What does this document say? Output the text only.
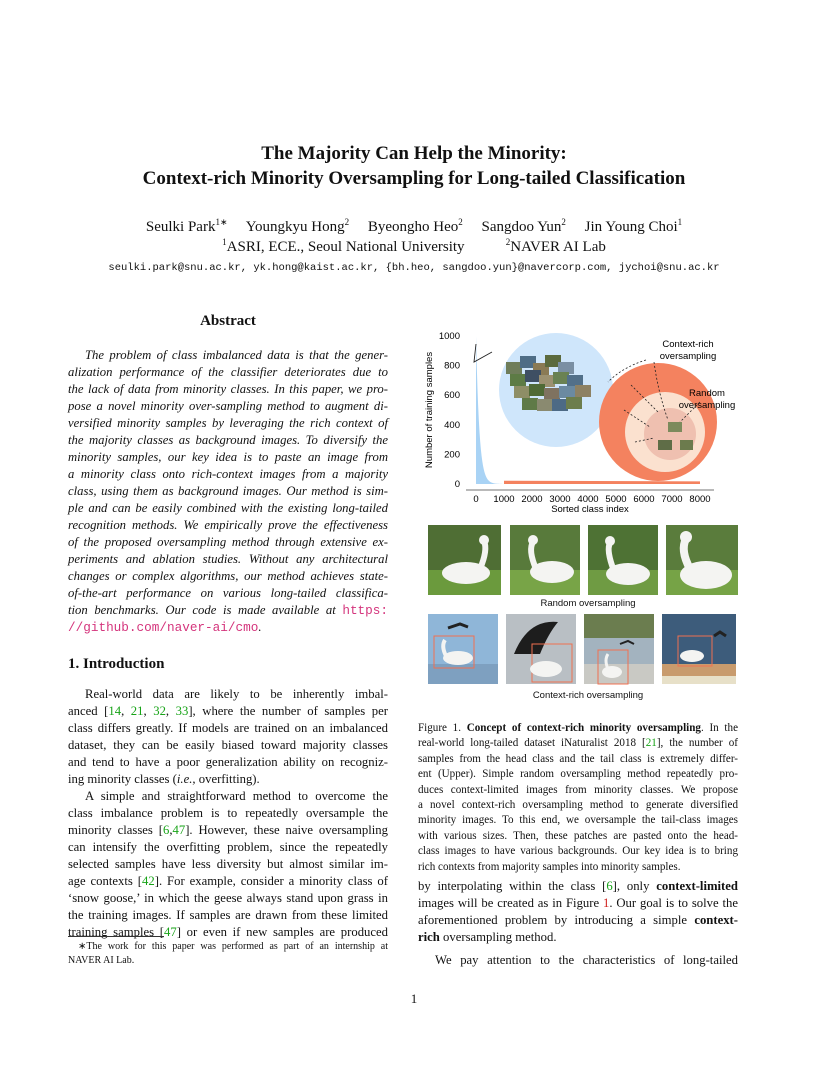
The Majority Can Help the Minority:
Context-rich Minority Oversampling for Long-tailed Classification
Seulki Park$^{1∗}$ Youngkyu Hong$^2$ Byeongho Heo$^2$ Sangdoo Yun$^2$ Jin Young Choi$^1$
$^1$ASRI, ECE., Seoul National University	$^2$NAVER AI Lab
seulki.park@snu.ac.kr, yk.hong@kaist.ac.kr, {bh.heo, sangdoo.yun}@navercorp.com, jychoi@snu.ac.kr
Abstract
The problem of class imbalanced data is that the gener-
alization performance of the classifier deteriorates due to
the lack of data from minority classes. In this paper, we pro-
pose a novel minority over-sampling method to augment di-
versified minority samples by leveraging the rich context of
the majority classes as background images. To diversify the
minority samples, our key idea is to paste an image from
a minority class onto rich-context images from a majority
class, using them as background images. Our method is sim-
ple and can be easily combined with the existing long-tailed
recognition methods. We empirically prove the effectiveness
of the proposed oversampling method through extensive ex-
periments and ablation studies. Without any architectural
changes or complex algorithms, our method achieves state-
of-the-art performance on various long-tailed classifica-
tion benchmarks. Our code is made available at https:
//github.com/naver-ai/cmo.
1. Introduction
Real-world data are likely to be inherently imbal-
anced [14, 21, 32, 33], where the number of samples per
class differs greatly. If models are trained on an imbalanced
dataset, they can be easily biased toward majority classes
and tend to have a poor generalization ability on recogniz-
ing minority classes (i.e., overfitting).
A simple and straightforward method to overcome the
class imbalance problem is to repeatedly oversample the
minority classes [6,47]. However, these naive oversampling
can intensify the overfitting problem, since the repeatedly
selected samples have less diversity but almost similar im-
age contexts [42]. For example, consider a minority class of
‘snow goose,’ in which the geese always stand upon grass in
the training images. If samples are drawn from these limited
training samples [47] or even if new samples are produced
∗The work for this paper was performed as part of an internship at
NAVER AI Lab.
Context-rich
oversampling
Random
oversampling
0
200
400
600
800
1000
0 1000 2000 3000 4000 5000 6000 7000 8000
Sorted class index
Number of training samples
Random oversampling
Context-rich oversampling
Figure 1. Concept of context-rich minority oversampling. In the
real-world long-tailed dataset iNaturalist 2018 [21], the number of
samples from the head class and the tail class is extremely differ-
ent (Upper). Simple random oversampling method repeatedly pro-
duces context-limited images from minority classes. We propose
a novel context-rich oversampling method to generate diversified
minority images. To this end, we oversample the tail-class images
with various sizes. Then, these patches are pasted onto the head-
class images to have various backgrounds. Our key idea is to bring
rich contexts from majority samples into minority samples.
by interpolating within the class [6], only context-limited
images will be created as in Figure 1. Our goal is to solve the
aforementioned problem by introducing a simple context-
rich oversampling method.
We pay attention to the characteristics of long-tailed
1
